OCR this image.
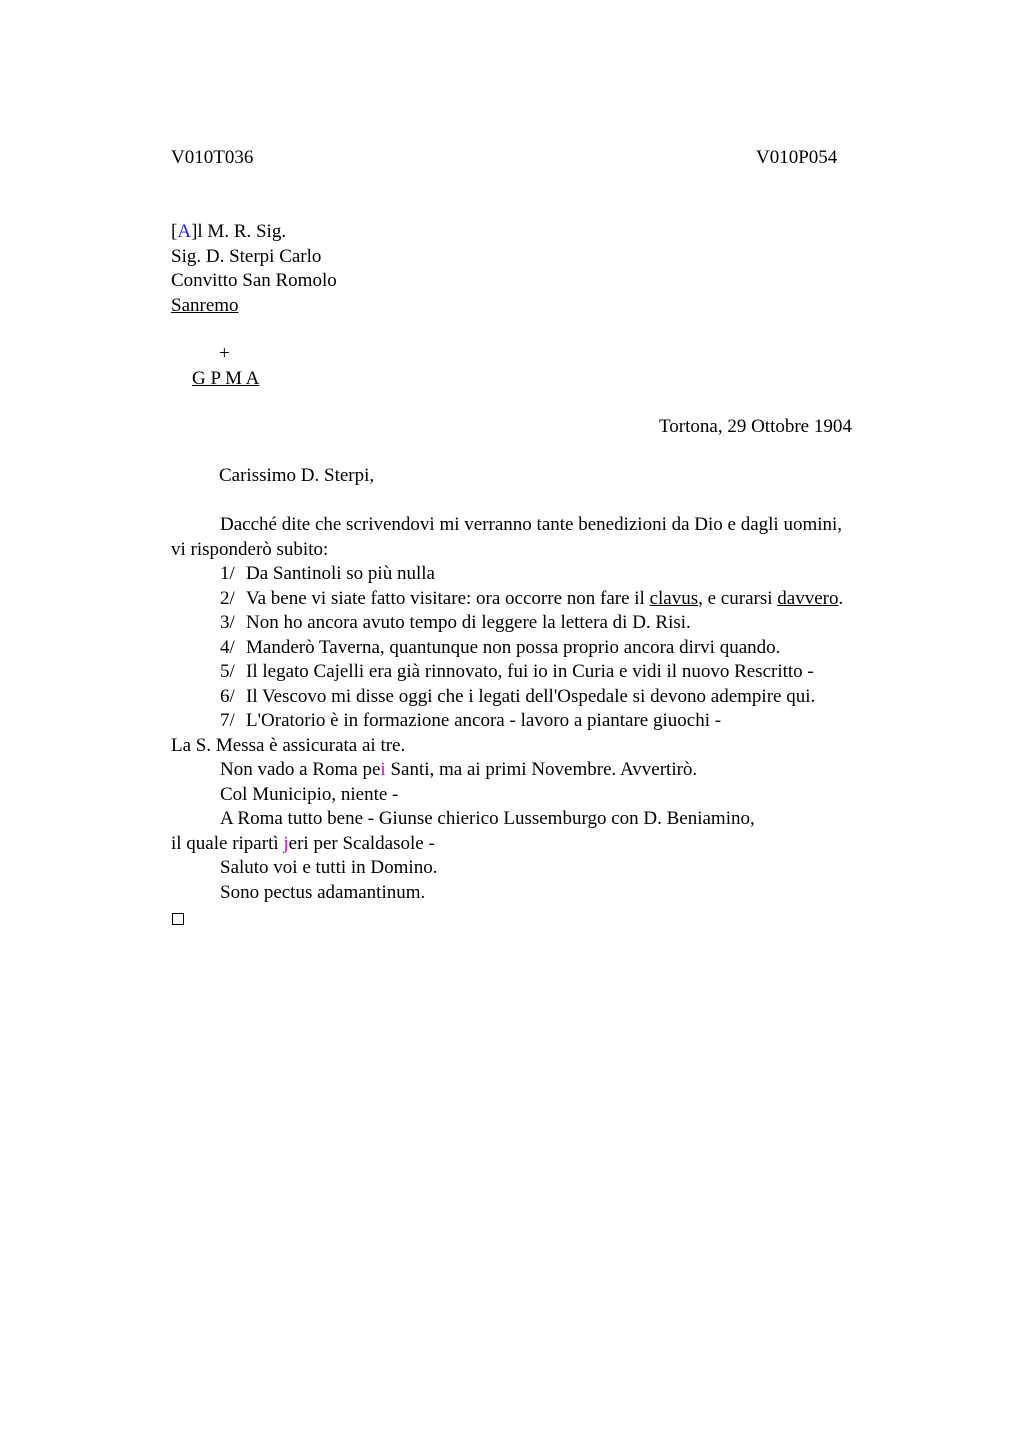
V010T036	V010P054
[A]l M. R. Sig.
Sig. D. Sterpi Carlo
Convitto San Romolo
Sanremo
+
G P M A
Tortona, 29 Ottobre 1904
Carissimo D. Sterpi,
Dacché dite che scrivendovi mi verranno tante benedizioni da Dio e dagli uomini,
vi risponderò subito:
1/ Da Santinoli so più nulla
2/ Va bene vi siate fatto visitare: ora occorre non fare il clavus, e curarsi davvero.
3/ Non ho ancora avuto tempo di leggere la lettera di D. Risi.
4/ Manderò Taverna, quantunque non possa proprio ancora dirvi quando.
5/ Il legato Cajelli era già rinnovato, fui io in Curia e vidi il nuovo Rescritto -
6/ Il Vescovo mi disse oggi che i legati dell'Ospedale si devono adempire qui.
7/ L'Oratorio è in formazione ancora - lavoro a piantare giuochi -
La S. Messa è assicurata ai tre.
Non vado a Roma pei Santi, ma ai primi Novembre. Avvertirò.
Col Municipio, niente -
A Roma tutto bene - Giunse chierico Lussemburgo con D. Beniamino,
il quale ripartì jeri per Scaldasole -
Saluto voi e tutti in Domino.
Sono pectus adamantinum.
